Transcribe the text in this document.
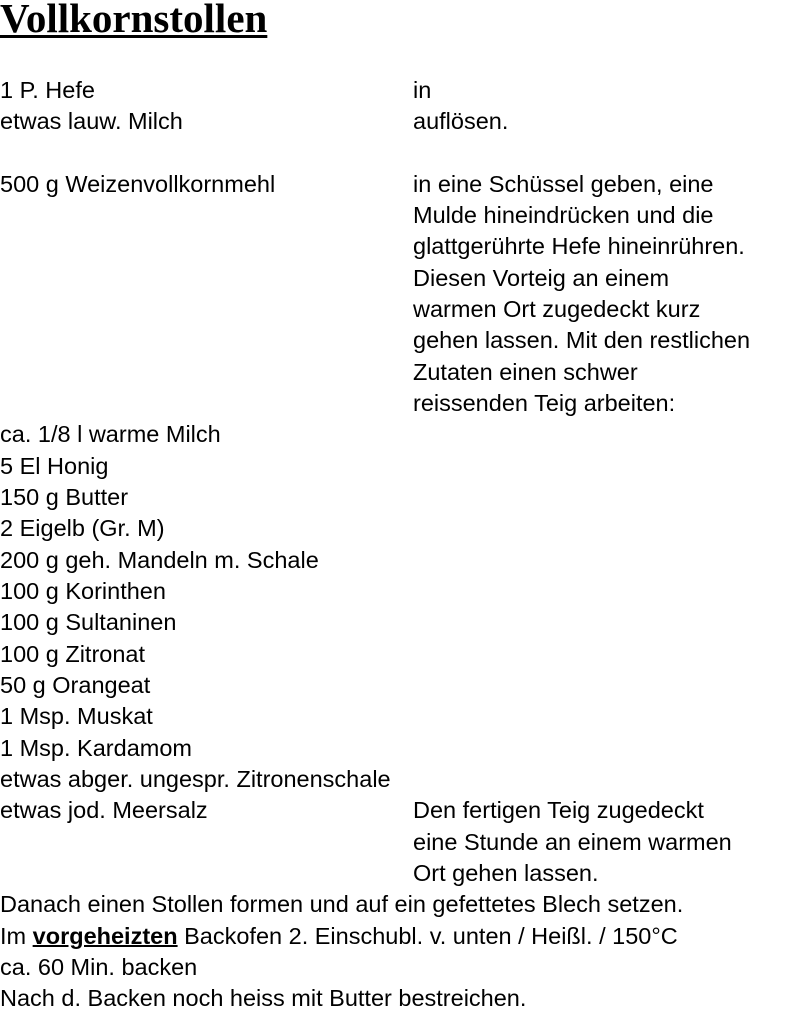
Vollkornstollen
1 P. Hefe	in
etwas lauw. Milch	auflösen.
500 g Weizenvollkornmehl	in eine Schüssel geben, eine
Mulde hineindrücken und die
glattgerührte Hefe hineinrühren.
Diesen Vorteig an einem
warmen Ort zugedeckt kurz
gehen lassen. Mit den restlichen
Zutaten einen schwer
reissenden Teig arbeiten:
ca. 1/8 l warme Milch
5 El Honig
150 g Butter
2 Eigelb (Gr. M)
200 g geh. Mandeln m. Schale
100 g Korinthen
100 g Sultaninen
100 g Zitronat
50 g Orangeat
1 Msp. Muskat
1 Msp. Kardamom
etwas abger. ungespr. Zitronenschale
etwas jod. Meersalz	Den fertigen Teig zugedeckt
eine Stunde an einem warmen
Ort gehen lassen.
Danach einen Stollen formen und auf ein gefettetes Blech setzen.
Im vorgeheizten Backofen 2. Einschubl. v. unten / Heißl. / 150°C
ca. 60 Min. backen
Nach d. Backen noch heiss mit Butter bestreichen.
